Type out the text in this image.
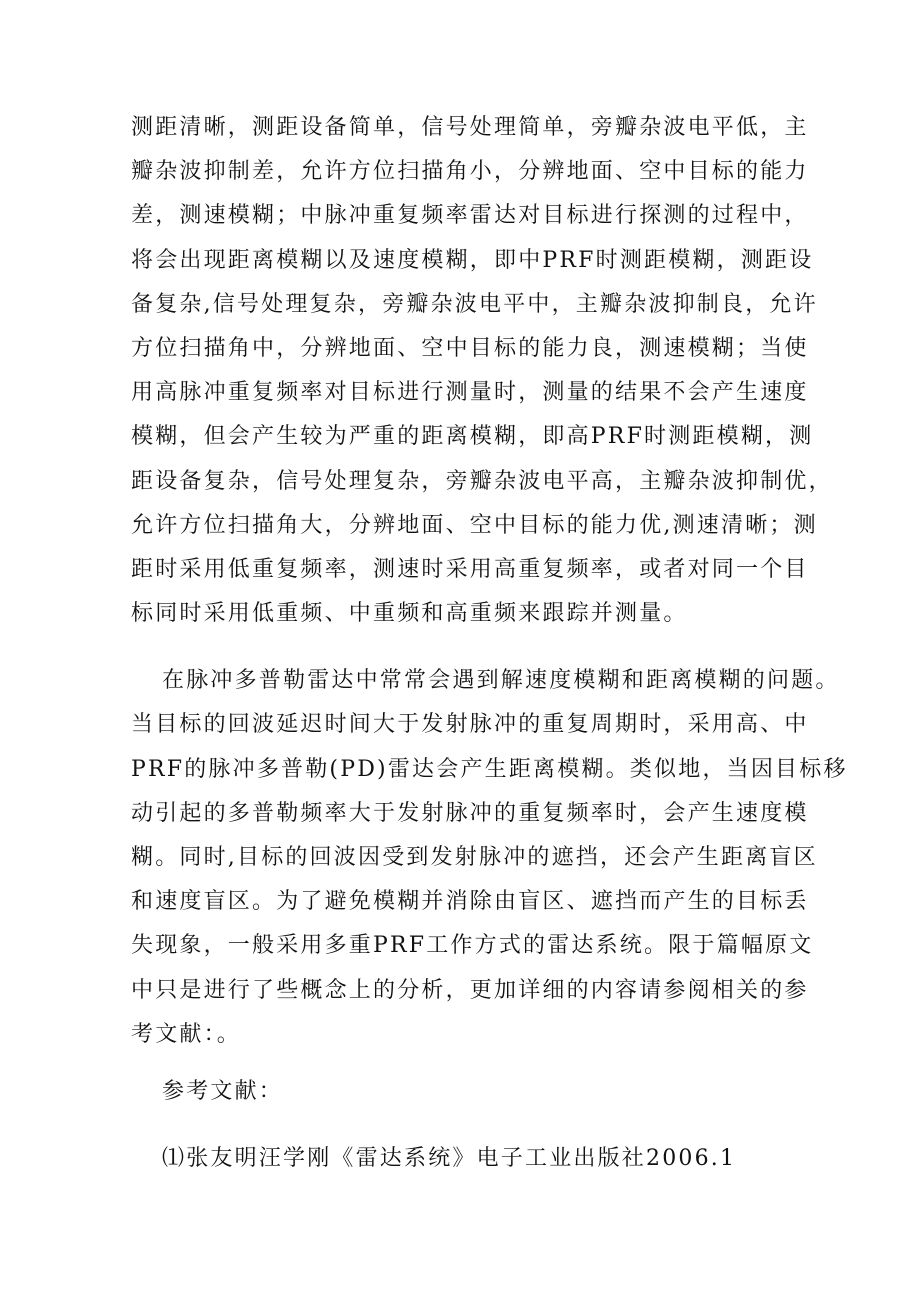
测距清晰，测距设备简单，信号处理简单，旁瓣杂波电平低，主
瓣杂波抑制差，允许方位扫描角小，分辨地面、空中目标的能力
差，测速模糊；中脉冲重复频率雷达对目标进行探测的过程中，
将会出现距离模糊以及速度模糊，即中PRF时测距模糊，测距设
备复杂,信号处理复杂，旁瓣杂波电平中，主瓣杂波抑制良，允许
方位扫描角中，分辨地面、空中目标的能力良，测速模糊；当使
用高脉冲重复频率对目标进行测量时，测量的结果不会产生速度
模糊，但会产生较为严重的距离模糊，即高PRF时测距模糊，测
距设备复杂，信号处理复杂，旁瓣杂波电平高，主瓣杂波抑制优，
允许方位扫描角大，分辨地面、空中目标的能力优,测速清晰；测
距时采用低重复频率，测速时采用高重复频率，或者对同一个目
标同时采用低重频、中重频和高重频来跟踪并测量。
在脉冲多普勒雷达中常常会遇到解速度模糊和距离模糊的问题。
当目标的回波延迟时间大于发射脉冲的重复周期时，采用高、中
PRF的脉冲多普勒(PD)雷达会产生距离模糊。类似地，当因目标移
动引起的多普勒频率大于发射脉冲的重复频率时，会产生速度模
糊。同时,目标的回波因受到发射脉冲的遮挡，还会产生距离盲区
和速度盲区。为了避免模糊并消除由盲区、遮挡而产生的目标丢
失现象，一般采用多重PRF工作方式的雷达系统。限于篇幅原文
中只是进行了些概念上的分析，更加详细的内容请参阅相关的参
考文献：。
参考文献：
⑴张友明汪学刚《雷达系统》电子工业出版社2006.1
